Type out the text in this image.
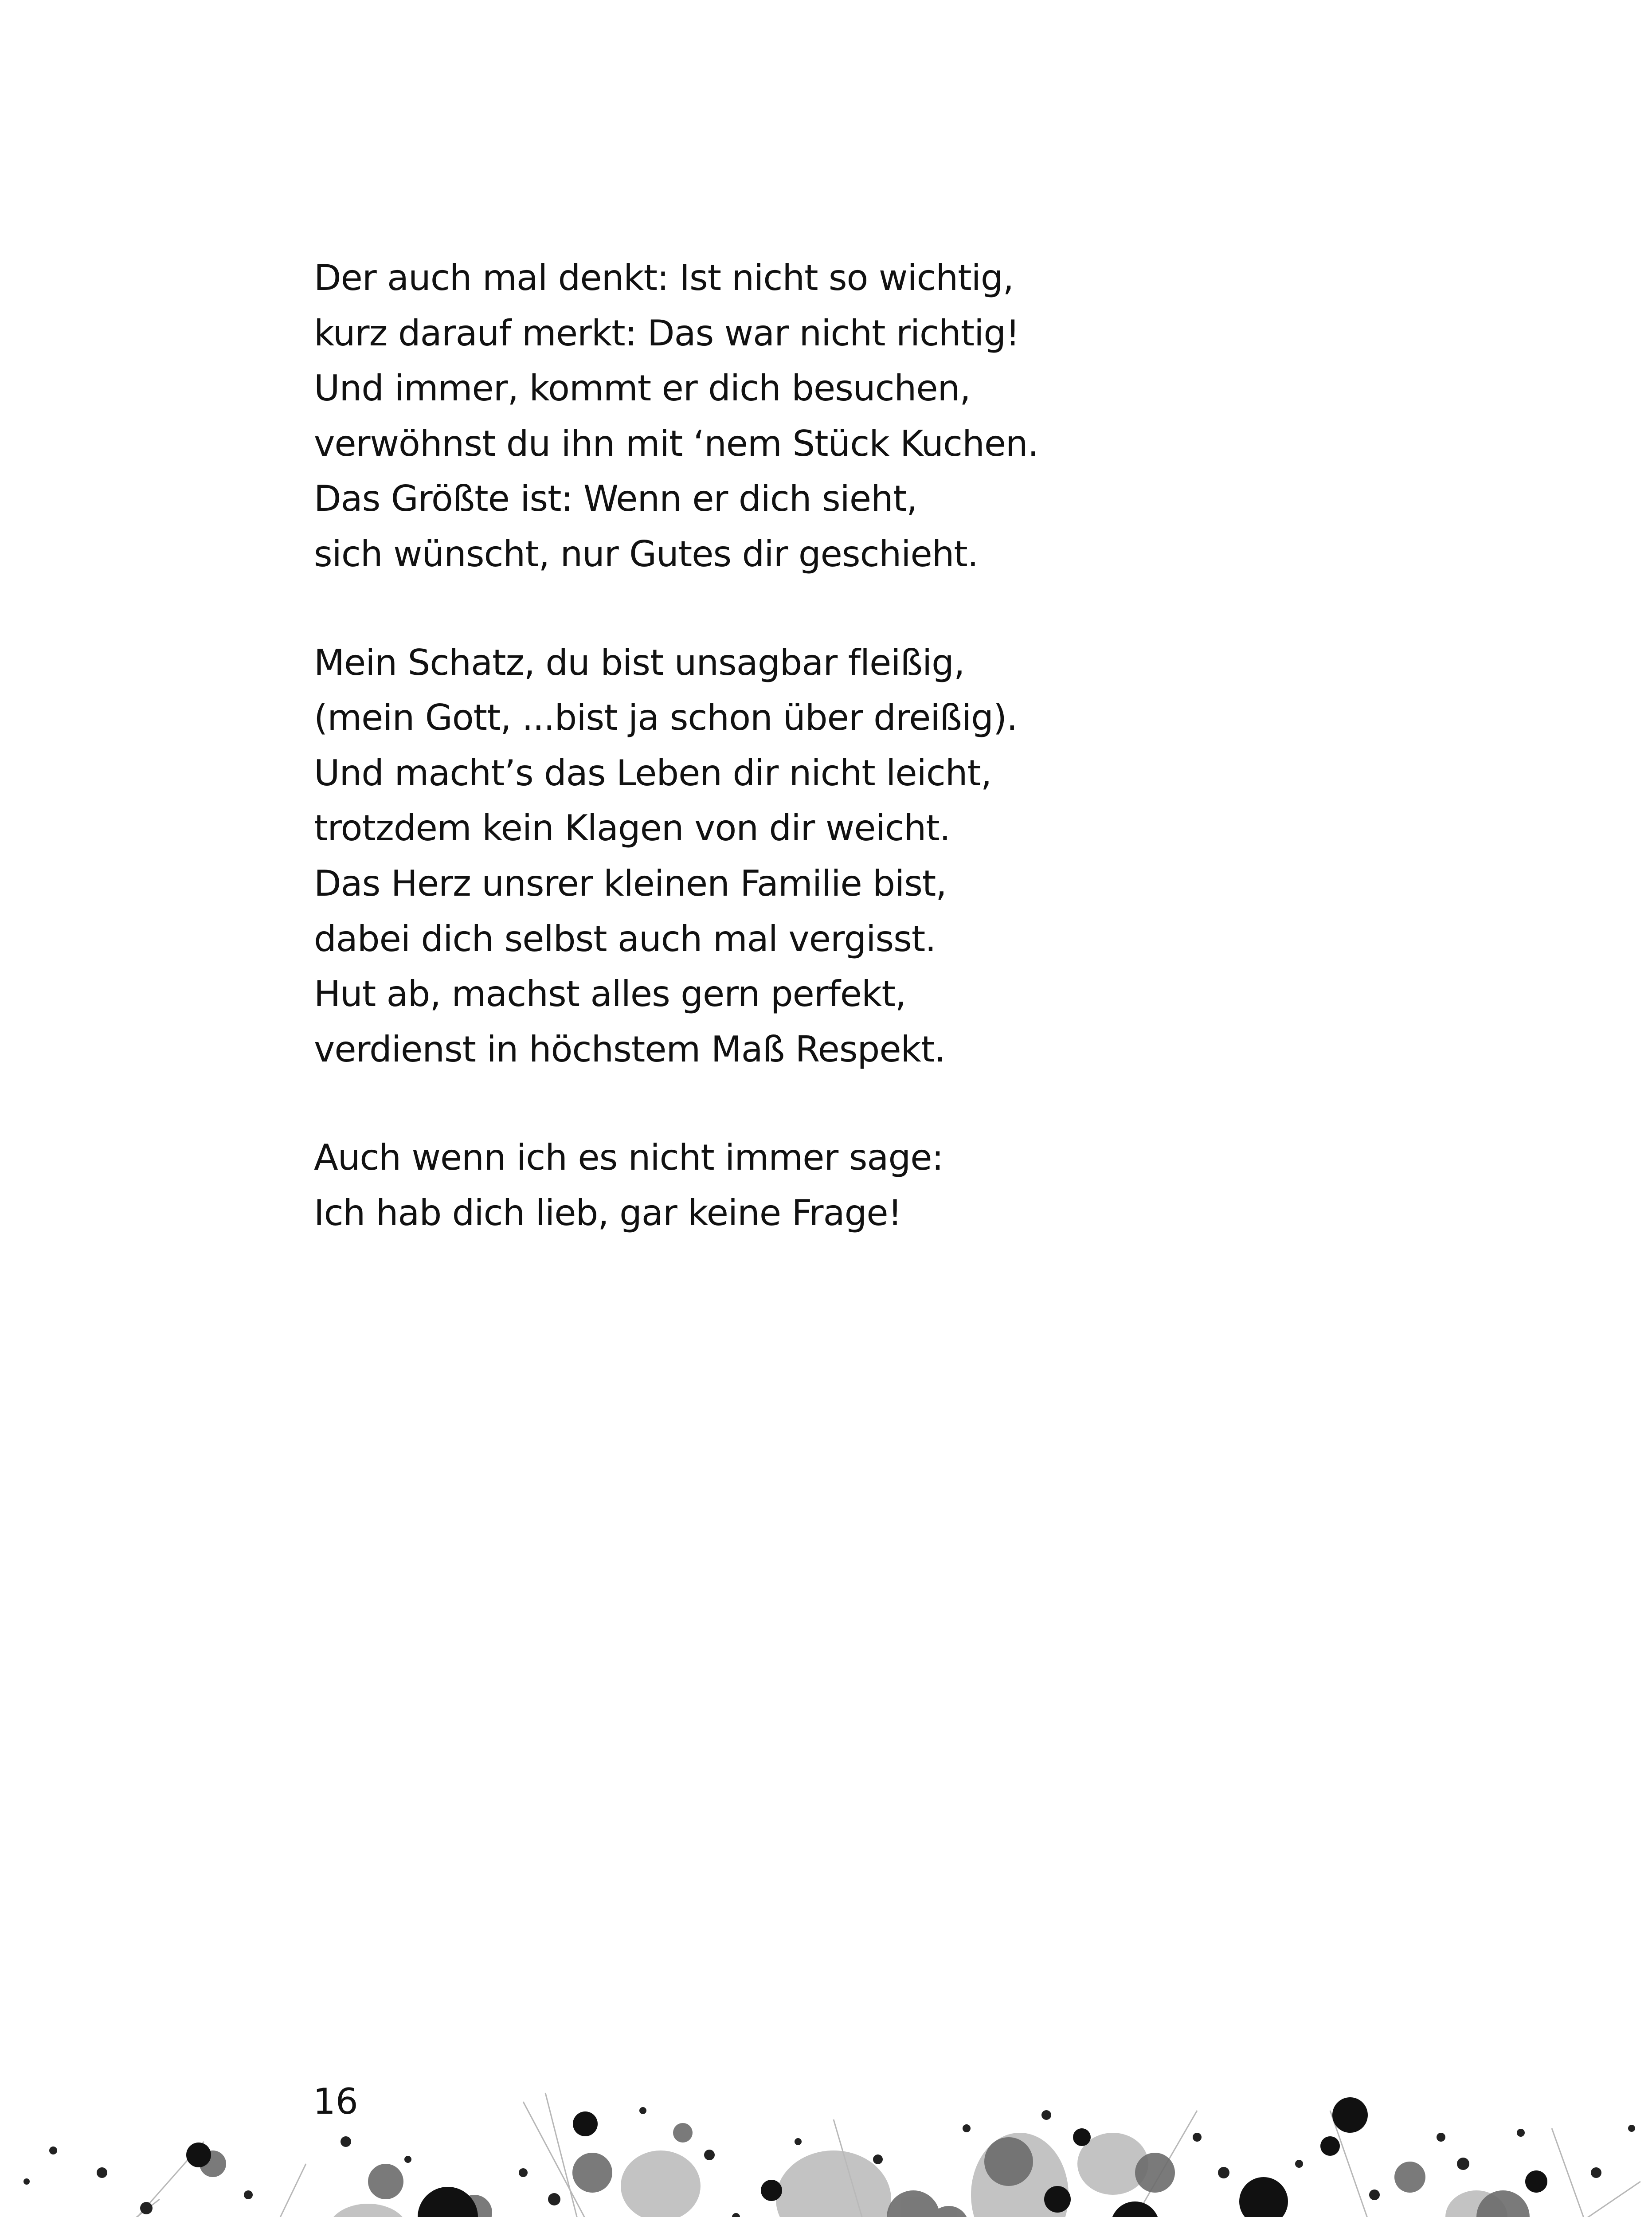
Der auch mal denkt: Ist nicht so wichtig,
kurz darauf merkt: Das war nicht richtig!
Und immer, kommt er dich besuchen,
verwöhnst du ihn mit ‘nem Stück Kuchen.
Das Größte ist: Wenn er dich sieht,
sich wünscht, nur Gutes dir geschieht.
Mein Schatz, du bist unsagbar fleißig,
(mein Gott, ...bist ja schon über dreißig).
Und macht’s das Leben dir nicht leicht,
trotzdem kein Klagen von dir weicht.
Das Herz unsrer kleinen Familie bist,
dabei dich selbst auch mal vergisst.
Hut ab, machst alles gern perfekt,
verdienst in höchstem Maß Respekt.
Auch wenn ich es nicht immer sage:
Ich hab dich lieb, gar keine Frage!
16
